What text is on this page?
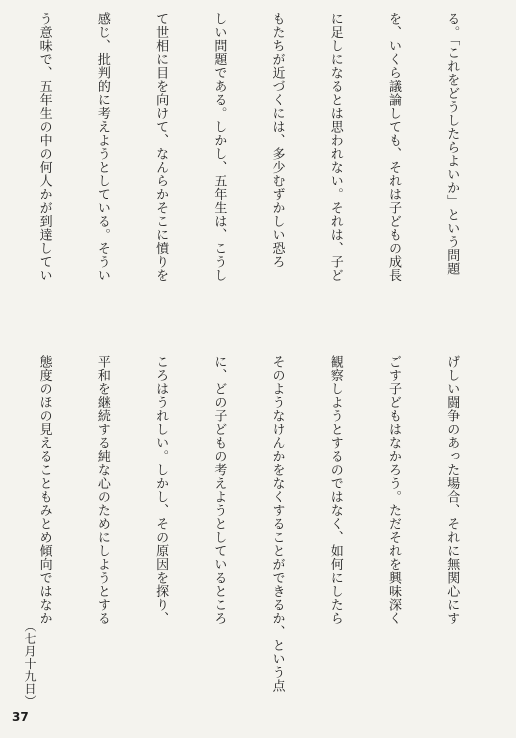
る。「これをどうしたらよいか」という問題

を、いくら議論しても、それは子どもの成長

に足しになるとは思われない。それは、子ど

もたちが近づくには、多少むずかしい恐ろ

しい問題である。しかし、五年生は、こうし

て世相に目を向けて、なんらかそこに憤りを

感じ、批判的に考えようとしている。そうい

う意味で、五年生の中の何人かが到達してい

げしい闘争のあった場合、それに無関心にす

ごす子どもはなかろう。ただそれを興味深く

観察しようとするのではなく、如何にしたら

そのようなけんかをなくすることができるか、という点

に、どの子どもの考えようとしているところ

ころはうれしい。しかし、その原因を探り、

平和を継続する純な心のためにしようとする

態度のほの見えることもみとめ傾向ではなか

（七月十九日）
37
